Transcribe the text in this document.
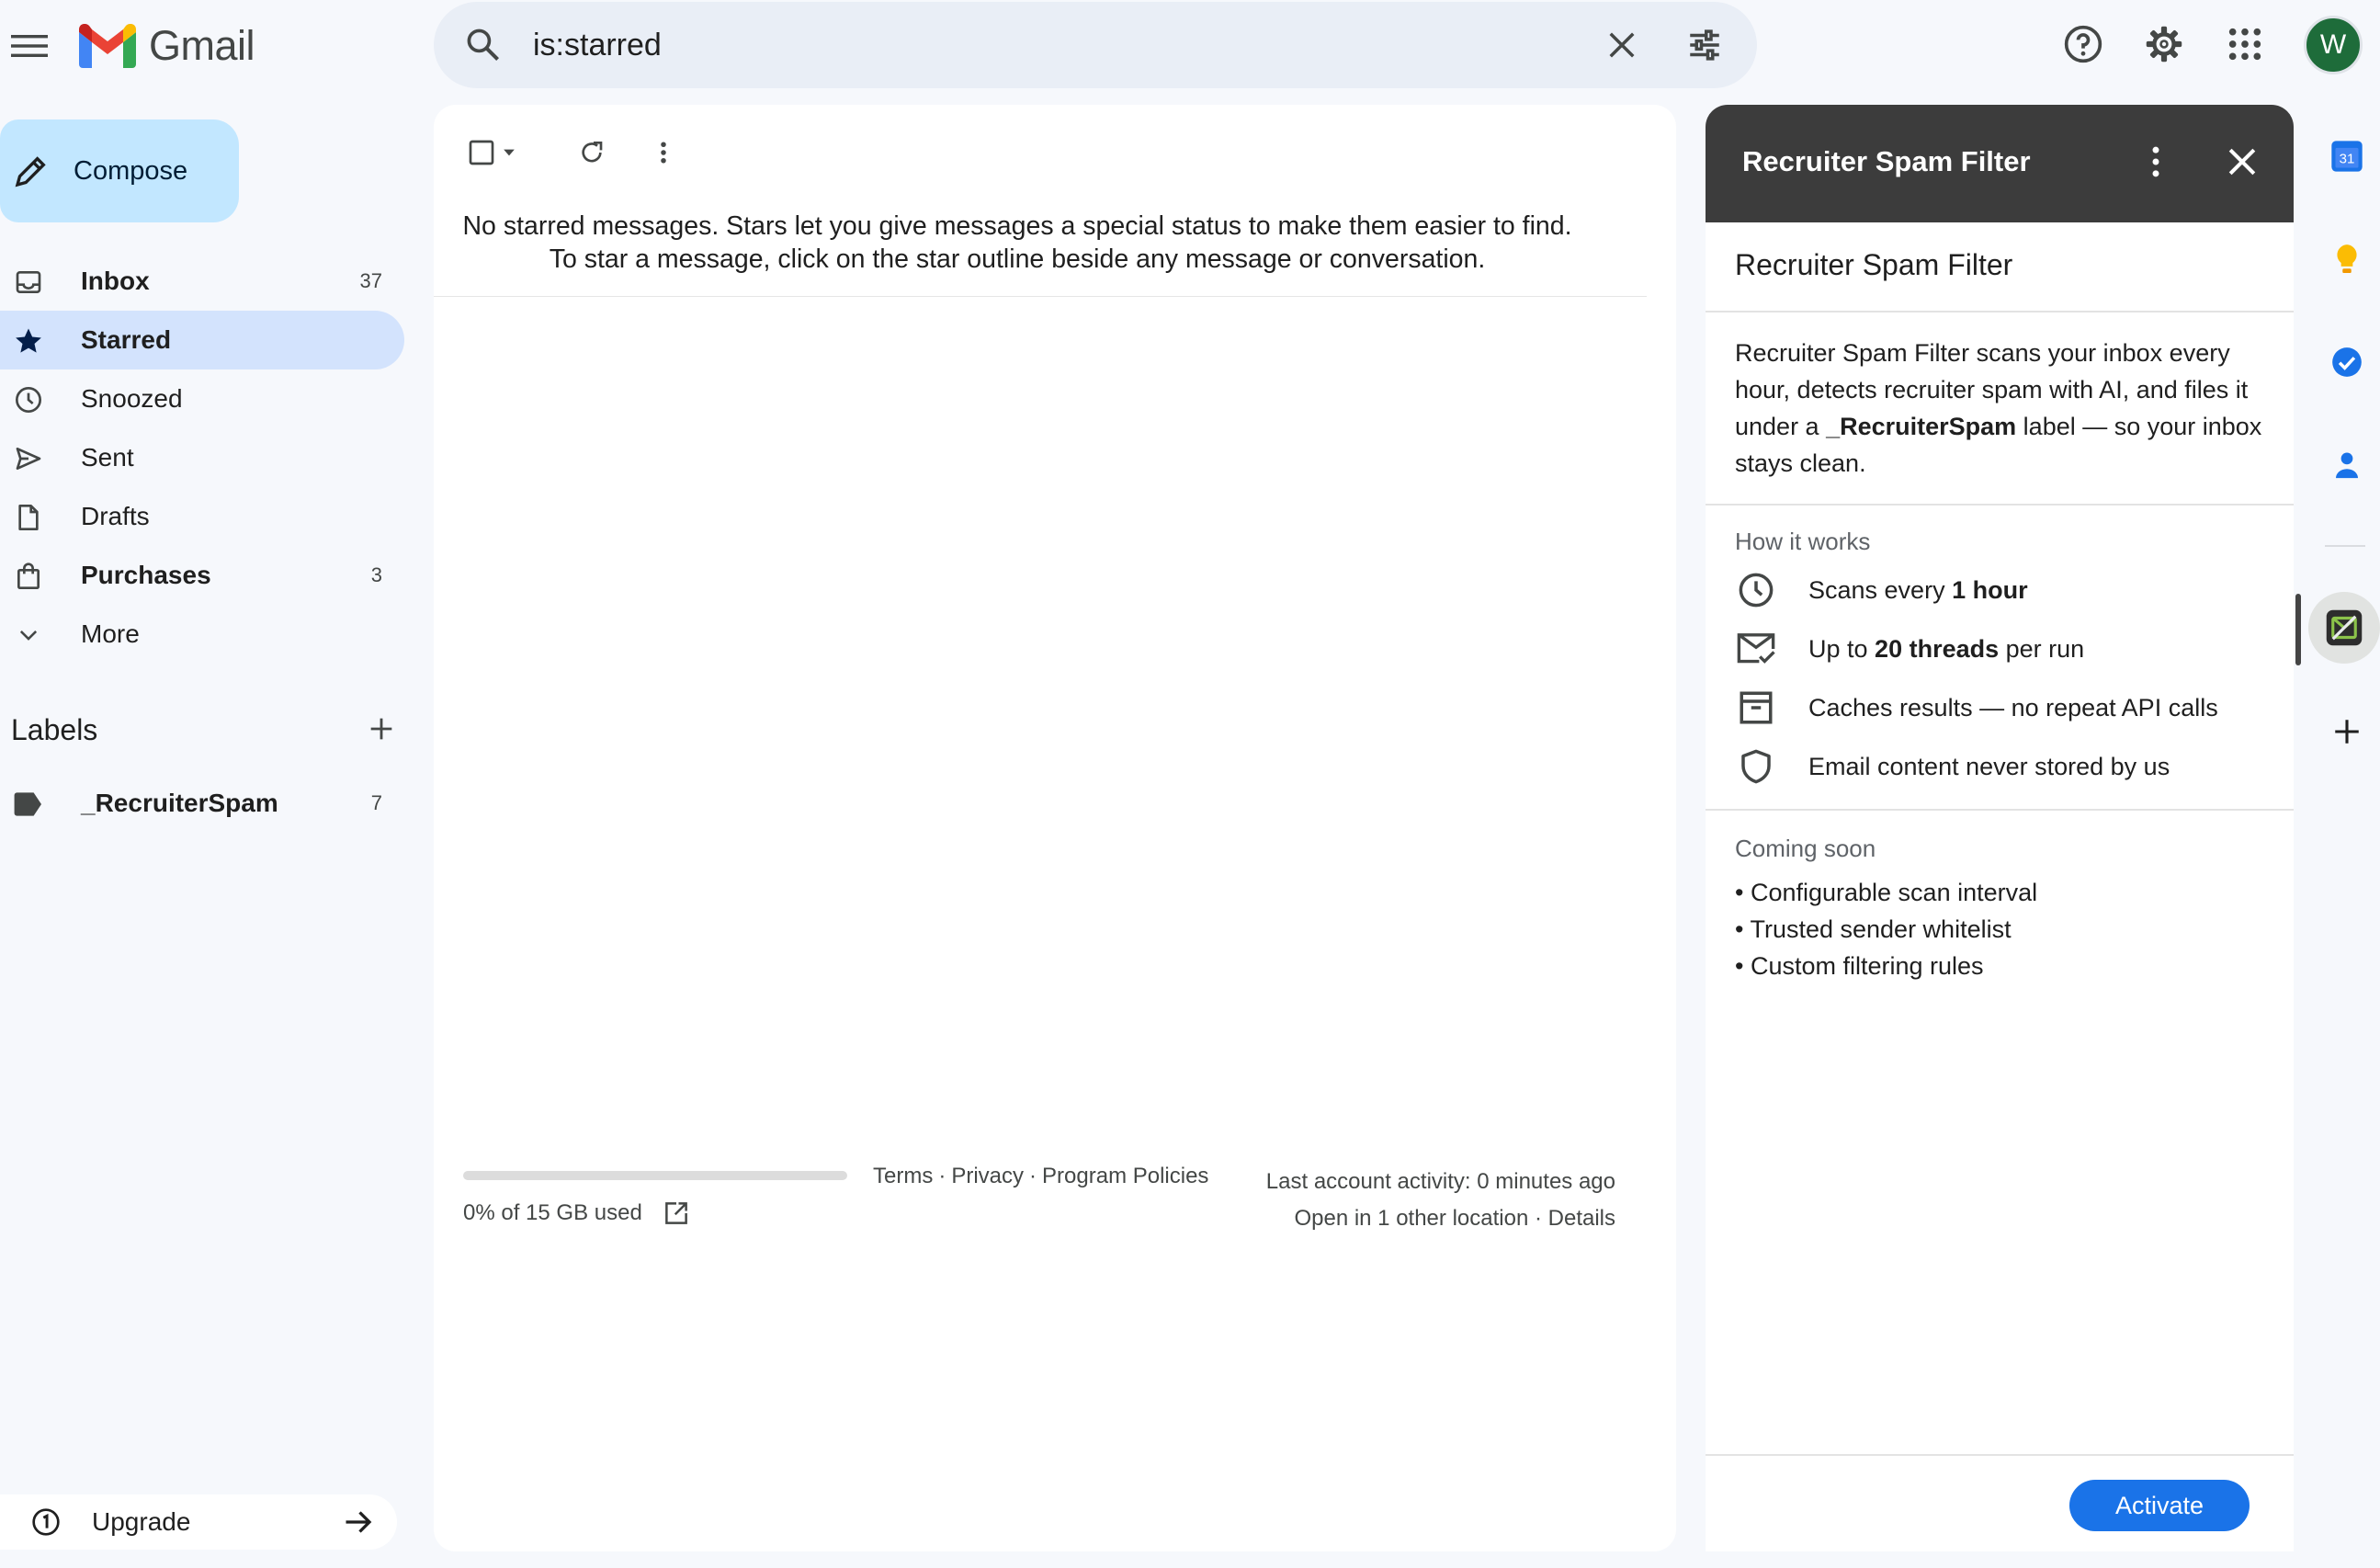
Gmail
is:starred	W
Compose
Inbox	37
Starred
Snoozed
Sent
Drafts
Purchases	3
More
Labels
_RecruiterSpam	7
Upgrade
No starred messages. Stars let you give messages a special status to make them easier to find. To star a message, click on the star outline beside any message or conversation.
0% of 15 GB used
Terms · Privacy · Program Policies	Last account activity: 0 minutes ago
Open in 1 other location · Details
Recruiter Spam Filter
Recruiter Spam Filter
Recruiter Spam Filter scans your inbox every hour, detects recruiter spam with AI, and files it under a _RecruiterSpam label — so your inbox stays clean.
How it works
Scans every 1 hour
Up to 20 threads per run
Caches results — no repeat API calls
Email content never stored by us
Coming soon
• Configurable scan interval
• Trusted sender whitelist
• Custom filtering rules
Activate
31
